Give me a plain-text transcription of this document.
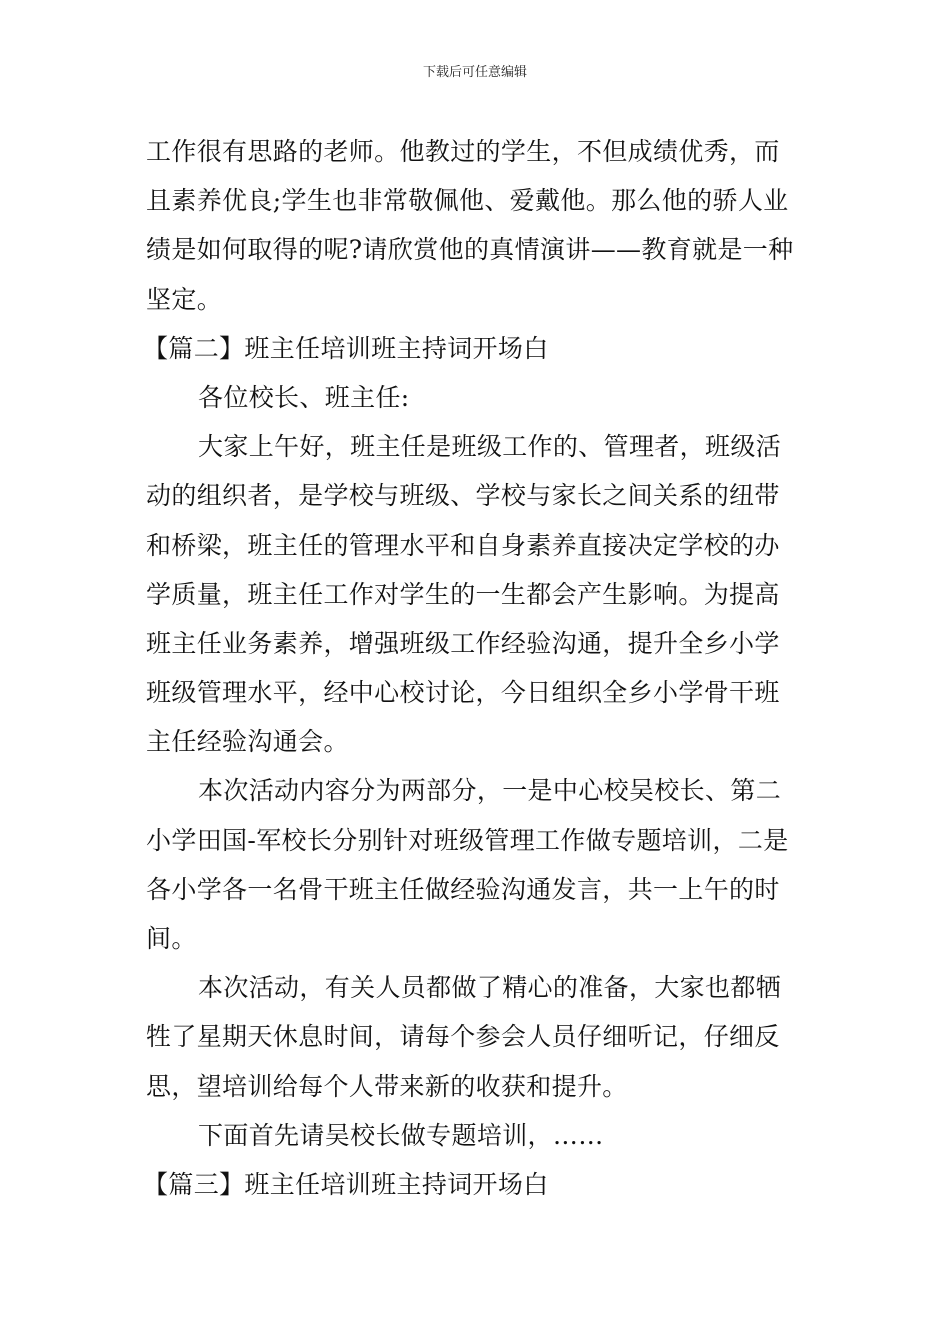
下载后可任意编辑
工作很有思路的老师。他教过的学生，不但成绩优秀，而
且素养优良;学生也非常敬佩他、爱戴他。那么他的骄人业
绩是如何取得的呢?请欣赏他的真情演讲——教育就是一种
坚定。
【篇二】班主任培训班主持词开场白
各位校长、班主任:
大家上午好，班主任是班级工作的、管理者，班级活
动的组织者，是学校与班级、学校与家长之间关系的纽带
和桥梁，班主任的管理水平和自身素养直接决定学校的办
学质量，班主任工作对学生的一生都会产生影响。为提高
班主任业务素养，增强班级工作经验沟通，提升全乡小学
班级管理水平，经中心校讨论，今日组织全乡小学骨干班
主任经验沟通会。
本次活动内容分为两部分，一是中心校吴校长、第二
小学田国-军校长分别针对班级管理工作做专题培训，二是
各小学各一名骨干班主任做经验沟通发言，共一上午的时
间。
本次活动，有关人员都做了精心的准备，大家也都牺
牲了星期天休息时间，请每个参会人员仔细听记，仔细反
思，望培训给每个人带来新的收获和提升。
下面首先请吴校长做专题培训，……
【篇三】班主任培训班主持词开场白
